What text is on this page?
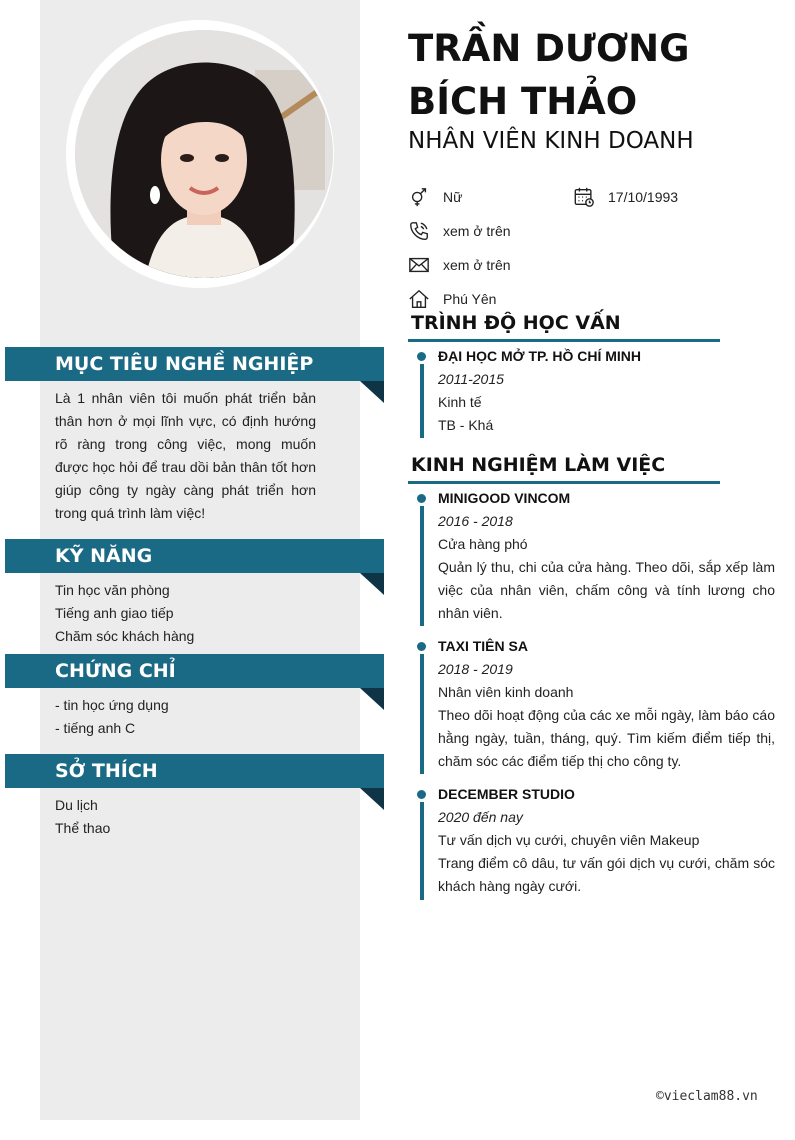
MỤC TIÊU NGHỀ NGHIỆP
Là 1 nhân viên tôi muốn phát triển bản thân hơn ở mọi lĩnh vực, có định hướng rõ ràng trong công việc, mong muốn được học hỏi để trau dồi bản thân tốt hơn giúp công ty ngày càng phát triển hơn trong quá trình làm việc!
KỸ NĂNG
Tin học văn phòng
Tiếng anh giao tiếp
Chăm sóc khách hàng
CHỨNG CHỈ
- tin học ứng dụng
- tiếng anh C
SỞ THÍCH
Du lịch
Thể thao
TRẦN DƯƠNG BÍCH THẢO
NHÂN VIÊN KINH DOANH
Nữ	17/10/1993
xem ở trên
xem ở trên
Phú Yên
TRÌNH ĐỘ HỌC VẤN
ĐẠI HỌC MỞ TP. HỒ CHÍ MINH
2011-2015
Kinh tế
TB - Khá
KINH NGHIỆM LÀM VIỆC
MINIGOOD VINCOM
2016 - 2018
Cửa hàng phó
Quản lý thu, chi của cửa hàng. Theo dõi, sắp xếp làm việc của nhân viên, chấm công và tính lương cho nhân viên.
TAXI TIÊN SA
2018 - 2019
Nhân viên kinh doanh
Theo dõi hoạt động của các xe mỗi ngày, làm báo cáo hằng ngày, tuần, tháng, quý. Tìm kiếm điểm tiếp thị, chăm sóc các điểm tiếp thị cho công ty.
DECEMBER STUDIO
2020 đến nay
Tư vấn dịch vụ cưới, chuyên viên Makeup
Trang điểm cô dâu, tư vấn gói dịch vụ cưới, chăm sóc khách hàng ngày cưới.
©vieclam88.vn
